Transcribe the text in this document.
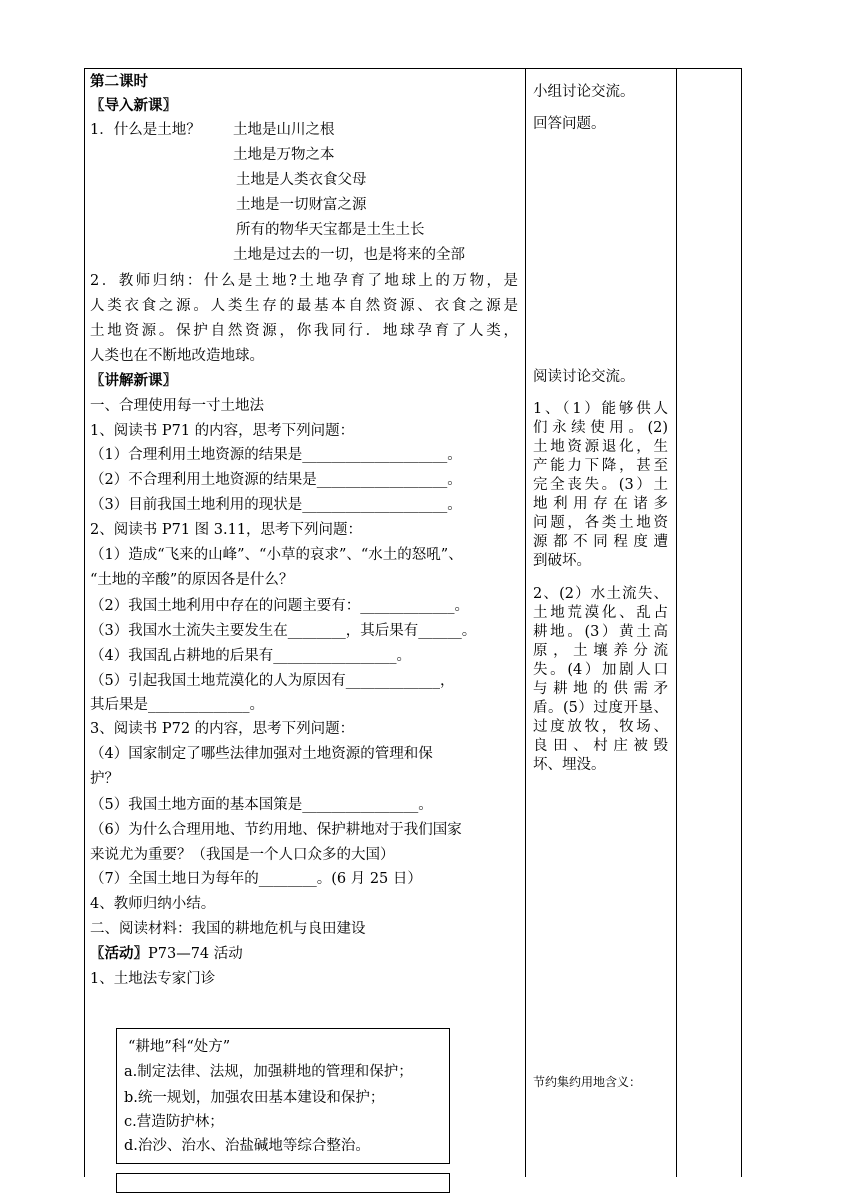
第二课时
〖导入新课〗
1．什么是土地？ 土地是山川之根
土地是万物之本
土地是人类衣食父母
土地是一切财富之源
所有的物华天宝都是土生土长
土地是过去的一切，也是将来的全部
2．教师归纳：什么是土地?土地孕育了地球上的万物，是
人类衣食之源。人类生存的最基本自然资源、衣食之源是
土地资源。保护自然资源，你我同行．地球孕育了人类，
人类也在不断地改造地球。
〖讲解新课〗
一、合理使用每一寸土地法
1、阅读书 P71 的内容，思考下列问题：
（1）合理利用土地资源的结果是____________________。
（2）不合理利用土地资源的结果是__________________。
（3）目前我国土地利用的现状是____________________。
2、阅读书 P71 图 3.11，思考下列问题：
（1）造成“飞来的山峰”、“小草的哀求”、“水土的怒吼”、
“土地的辛酸”的原因各是什么？
（2）我国土地利用中存在的问题主要有：_____________。
（3）我国水土流失主要发生在________，其后果有______。
（4）我国乱占耕地的后果有_________________。
（5）引起我国土地荒漠化的人为原因有_____________，
其后果是______________。
3、阅读书 P72 的内容，思考下列问题：
（4）国家制定了哪些法律加强对土地资源的管理和保
护？
（5）我国土地方面的基本国策是________________。
（6）为什么合理用地、节约用地、保护耕地对于我们国家
来说尤为重要？（我国是一个人口众多的大国）
（7）全国土地日为每年的________。(6 月 25 日）
4、教师归纳小结。
二、阅读材料：我国的耕地危机与良田建设
〖活动〗P73—74 活动
1、土地法专家门诊
“耕地”科“处方”
a.制定法律、法规，加强耕地的管理和保护；
b.统一规划，加强农田基本建设和保护；
c.营造防护林；
d.治沙、治水、治盐碱地等综合整治。
小组讨论交流。
回答问题。
阅读讨论交流。
1、（1）能够供人
们永续使用。(2)
土地资源退化，生
产能力下降，甚至
完全丧失。(3）土
地利用存在诸多
问题，各类土地资
源都不同程度遭
到破坏。
2、(2）水土流失、
土地荒漠化、乱占
耕地。(3）黄土高
原，土壤养分流
失。(4）加剧人口
与耕地的供需矛
盾。(5）过度开垦、
过度放牧，牧场、
良田、村庄被毁
坏、埋没。
节约集约用地含义：
